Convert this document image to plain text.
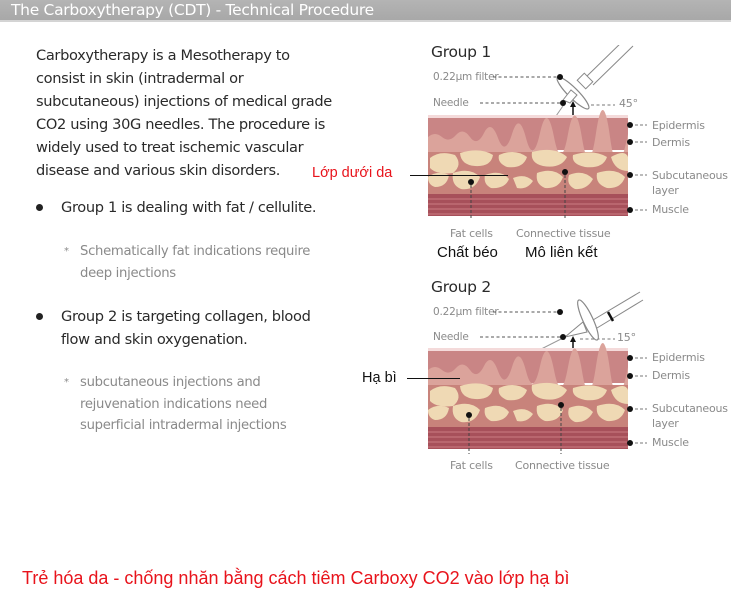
The Carboxytherapy (CDT) - Technical Procedure
Carboxytherapy is a Mesotherapy to
consist in skin (intradermal or
subcutaneous) injections of medical grade
CO2 using 30G needles. The procedure is
widely used to treat ischemic vascular
disease and various skin disorders.
Group 1 is dealing with fat / cellulite.
* Schematically fat indications require
deep injections
Group 2 is targeting collagen, blood
flow and skin oxygenation.
* subcutaneous injections and
rejuvenation indications need
superficial intradermal injections
Group 1
0.22µm filter
Needle	45°
Epidermis
Dermis
Subcutaneous
layer
Muscle
Fat cells Connective tissue
Chất béo Mô liên kết
Lớp dưới da
Group 2
0.22µm filter
Needle	15°
Epidermis
Dermis
Subcutaneous
layer
Muscle
Fat cells Connective tissue
Hạ bì
Trẻ hóa da - chống nhăn bằng cách tiêm Carboxy CO2 vào lớp hạ bì
